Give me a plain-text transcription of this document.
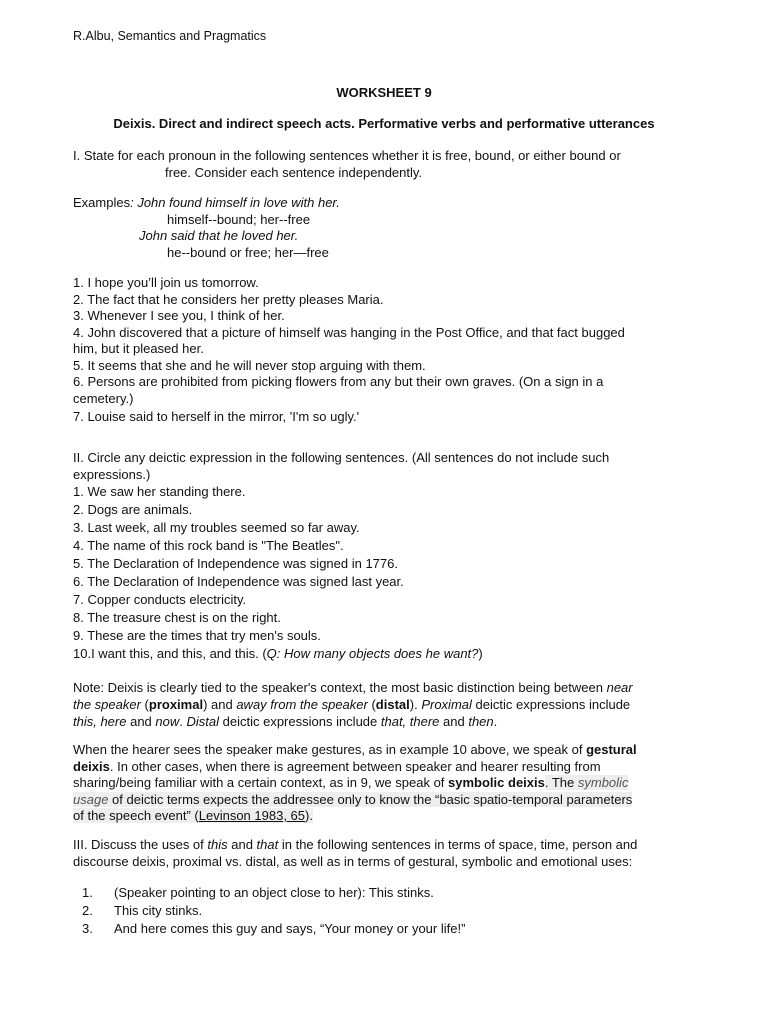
R.Albu, Semantics and Pragmatics
WORKSHEET 9
Deixis. Direct and indirect speech acts. Performative verbs and performative utterances
I. State for each pronoun in the following sentences whether it is free, bound, or either bound or
free. Consider each sentence independently.
Examples: John found himself in love with her.
himself--bound; her--free
John said that he loved her.
he--bound or free; her—free
1. I hope you’ll join us tomorrow.
2. The fact that he considers her pretty pleases Maria.
3. Whenever I see you, I think of her.
4. John discovered that a picture of himself was hanging in the Post Office, and that fact bugged
him, but it pleased her.
5. It seems that she and he will never stop arguing with them.
6. Persons are prohibited from picking flowers from any but their own graves. (On a sign in a
cemetery.)
7. Louise said to herself in the mirror, 'I'm so ugly.'
II. Circle any deictic expression in the following sentences. (All sentences do not include such
expressions.)
1. We saw her standing there.
2. Dogs are animals.
3. Last week, all my troubles seemed so far away.
4. The name of this rock band is "The Beatles".
5. The Declaration of Independence was signed in 1776.
6. The Declaration of Independence was signed last year.
7. Copper conducts electricity.
8. The treasure chest is on the right.
9. These are the times that try men's souls.
10.I want this, and this, and this. (Q: How many objects does he want?)
Note: Deixis is clearly tied to the speaker's context, the most basic distinction being between near
the speaker (proximal) and away from the speaker (distal). Proximal deictic expressions include
this, here and now. Distal deictic expressions include that, there and then.
When the hearer sees the speaker make gestures, as in example 10 above, we speak of gestural
deixis. In other cases, when there is agreement between speaker and hearer resulting from
sharing/being familiar with a certain context, as in 9, we speak of symbolic deixis. The symbolic
usage of deictic terms expects the addressee only to know the “basic spatio-temporal parameters
of the speech event” (Levinson 1983, 65).
III. Discuss the uses of this and that in the following sentences in terms of space, time, person and
discourse deixis, proximal vs. distal, as well as in terms of gestural, symbolic and emotional uses:
1. (Speaker pointing to an object close to her): This stinks.
2. This city stinks.
3. And here comes this guy and says, “Your money or your life!”
